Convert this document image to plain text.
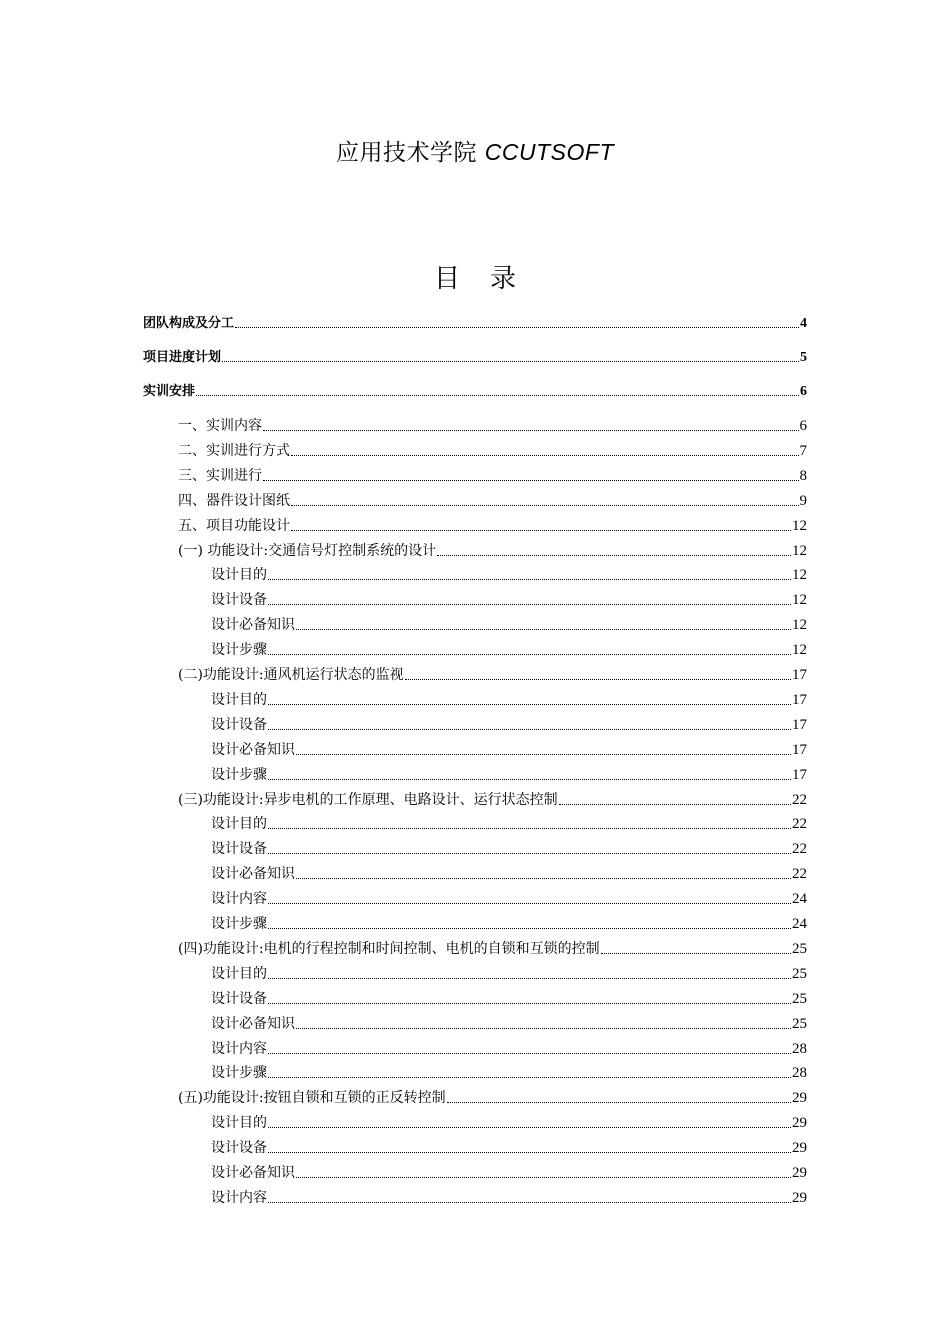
应用技术学院 CCUTSOFT
目 录
团队构成及分工	4
项目进度计划	5
实训安排	6
一、实训内容	6
二、实训进行方式	7
三、实训进行	8
四、器件设计图纸	9
五、项目功能设计	12
(一) 功能设计:交通信号灯控制系统的设计	12
设计目的	12
设计设备	12
设计必备知识	12
设计步骤	12
(二)功能设计:通风机运行状态的监视	17
设计目的	17
设计设备	17
设计必备知识	17
设计步骤	17
(三)功能设计:异步电机的工作原理、电路设计、运行状态控制	22
设计目的	22
设计设备	22
设计必备知识	22
设计内容	24
设计步骤	24
(四)功能设计:电机的行程控制和时间控制、电机的自锁和互锁的控制	25
设计目的	25
设计设备	25
设计必备知识	25
设计内容	28
设计步骤	28
(五)功能设计:按钮自锁和互锁的正反转控制	29
设计目的	29
设计设备	29
设计必备知识	29
设计内容	29
